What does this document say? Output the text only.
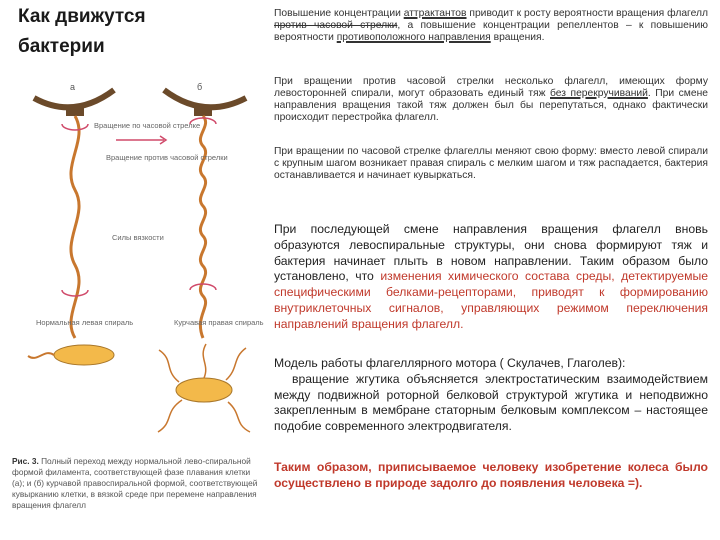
Как движутся бактерии
а	б
Вращение по часовой стрелке
Вращение против часовой стрелки
Силы вязкости
Нормальная левая спираль	Курчавая правая спираль
Рис. 3. Полный переход между нормальной лево-спиральной формой филамента, соответствующей фазе плавания клетки (а); и (б) курчавой правоспиральной формой, соответствующей кувырканию клетки, в вязкой среде при перемене направления вращения флагелл

Повышение концентрации аттрактантов приводит к росту вероятности вращения флагелл против часовой стрелки, а повышение концентрации репеллентов – к повышению вероятности противоположного направления вращения.

При вращении против часовой стрелки несколько флагелл, имеющих форму левосторонней спирали, могут образовать единый тяж без перекручиваний. При смене направления вращения такой тяж должен был бы перепутаться, однако фактически происходит перестройка флагелл.

При вращении по часовой стрелке флагеллы меняют свою форму: вместо левой спирали с крупным шагом возникает правая спираль с мелким шагом и тяж распадается, бактерия останавливается и начинает кувыркаться.

При последующей смене направления вращения флагелл вновь образуются левоспиральные структуры, они снова формируют тяж и бактерия начинает плыть в новом направлении. Таким образом было установлено, что изменения химического состава среды, детектируемые специфическими белками-рецепторами, приводят к формированию внутриклеточных сигналов, управляющих режимом переключения направлений вращения флагелл.

Модель работы флагеллярного мотора ( Скулачев, Глаголев):

вращение жгутика объясняется электростатическим взаимодействием между подвижной роторной белковой структурой жгутика и неподвижно закрепленным в мембране статорным белковым комплексом – настоящее подобие современного электродвигателя.

Таким образом, приписываемое человеку изобретение колеса было осуществлено в природе задолго до появления человека =).
